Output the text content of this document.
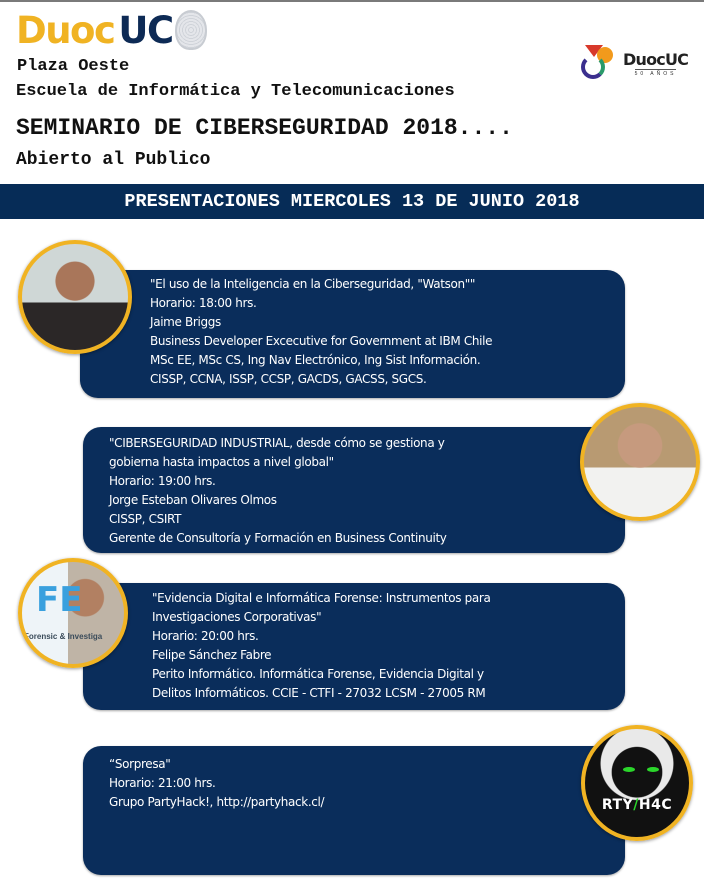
Duoc UC
Plaza Oeste
Escuela de Informática y Telecomunicaciones
SEMINARIO DE CIBERSEGURIDAD 2018....
Abierto al Publico
DuocUC
50 AÑOS
PRESENTACIONES MIERCOLES 13 DE JUNIO 2018
"El uso de la Inteligencia en la Ciberseguridad, "Watson""
Horario: 18:00 hrs.
Jaime Briggs
Business Developer Excecutive for Government at IBM Chile
MSc EE, MSc CS, Ing Nav Electrónico, Ing Sist Información.
CISSP, CCNA, ISSP, CCSP, GACDS, GACSS, SGCS.
"CIBERSEGURIDAD INDUSTRIAL, desde cómo se gestiona y
gobierna hasta impactos a nivel global"
Horario: 19:00 hrs.
Jorge Esteban Olivares Olmos
CISSP, CSIRT
Gerente de Consultoría y Formación en Business Continuity
"Evidencia Digital e Informática Forense: Instrumentos para
Investigaciones Corporativas"
Horario: 20:00 hrs.
Felipe Sánchez Fabre
Perito Informático. Informática Forense, Evidencia Digital y
Delitos Informáticos. CCIE - CTFI - 27032 LCSM - 27005 RM
FE
Forensic & Investiga
“Sorpresa"
Horario: 21:00 hrs.
Grupo PartyHack!, http://partyhack.cl/	RTY/H4C
